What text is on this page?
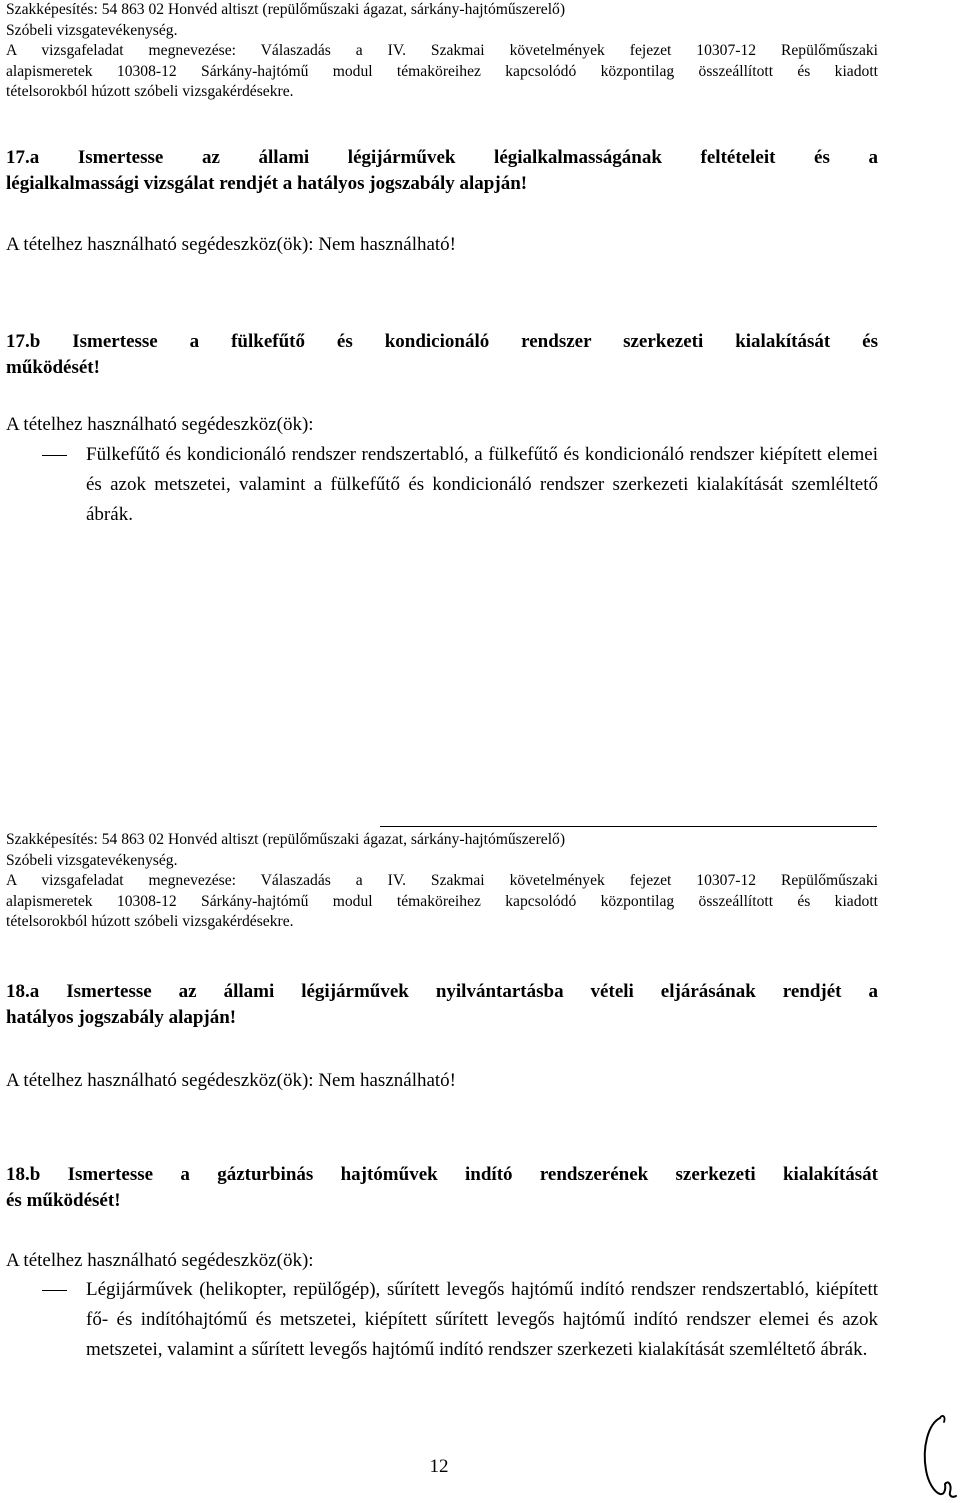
Szakképesítés: 54 863 02 Honvéd altiszt (repülőműszaki ágazat, sárkány-hajtóműszerelő)

Szóbeli vizsgatevékenység.

A vizsgafeladat megnevezése: Válaszadás a IV. Szakmai követelmények fejezet 10307-12 Repülőműszaki

alapismeretek 10308-12 Sárkány-hajtómű modul témaköreihez kapcsolódó központilag összeállított és kiadott

tételsorokból húzott szóbeli vizsgakérdésekre.

17.a Ismertesse az állami légijárművek légialkalmasságának feltételeit és a

légialkalmassági vizsgálat rendjét a hatályos jogszabály alapján!

A tételhez használható segédeszköz(ök): Nem használható!

17.b Ismertesse a fülkefűtő és kondicionáló rendszer szerkezeti kialakítását és

működését!

A tételhez használható segédeszköz(ök):

Fülkefűtő és kondicionáló rendszer rendszertabló, a fülkefűtő és kondicionáló rendszer kiépített elemei és azok metszetei, valamint a fülkefűtő és kondicionáló rendszer szerkezeti kialakítását szemléltető ábrák.

Szakképesítés: 54 863 02 Honvéd altiszt (repülőműszaki ágazat, sárkány-hajtóműszerelő)

Szóbeli vizsgatevékenység.

A vizsgafeladat megnevezése: Válaszadás a IV. Szakmai követelmények fejezet 10307-12 Repülőműszaki

alapismeretek 10308-12 Sárkány-hajtómű modul témaköreihez kapcsolódó központilag összeállított és kiadott

tételsorokból húzott szóbeli vizsgakérdésekre.

18.a Ismertesse az állami légijárművek nyilvántartásba vételi eljárásának rendjét a

hatályos jogszabály alapján!

A tételhez használható segédeszköz(ök): Nem használható!

18.b Ismertesse a gázturbinás hajtóművek indító rendszerének szerkezeti kialakítását

és működését!

A tételhez használható segédeszköz(ök):

Légijárművek (helikopter, repülőgép), sűrített levegős hajtómű indító rendszer rendszertabló, kiépített fő- és indítóhajtómű és metszetei, kiépített sűrített levegős hajtómű indító rendszer elemei és azok metszetei, valamint a sűrített levegős hajtómű indító rendszer szerkezeti kialakítását szemléltető ábrák.

12
